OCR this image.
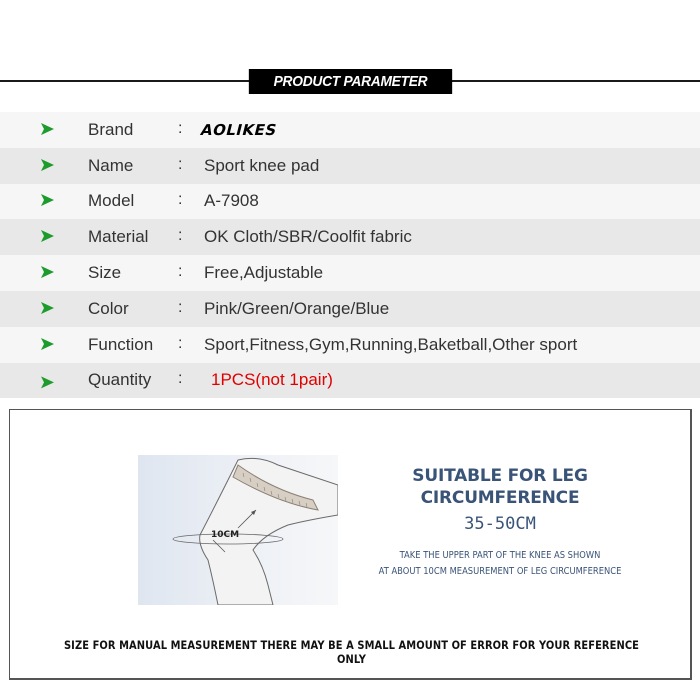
PRODUCT PARAMETER
Brand	: AOLIKES
Name	: Sport knee pad
Model	: A-7908
Material : OK Cloth/SBR/Coolfit fabric
Size	: Free,Adjustable
Color	: Pink/Green/Orange/Blue
Function : Sport,Fitness,Gym,Running,Baketball,Other sport
Quantity : 1PCS(not 1pair)
10CM
SUITABLE FOR LEG
CIRCUMFERENCE
35-50CM
TAKE THE UPPER PART OF THE KNEE AS SHOWN
AT ABOUT 10CM MEASUREMENT OF LEG CIRCUMFERENCE
SIZE FOR MANUAL MEASUREMENT THERE MAY BE A SMALL AMOUNT OF ERROR FOR YOUR REFERENCE ONLY
